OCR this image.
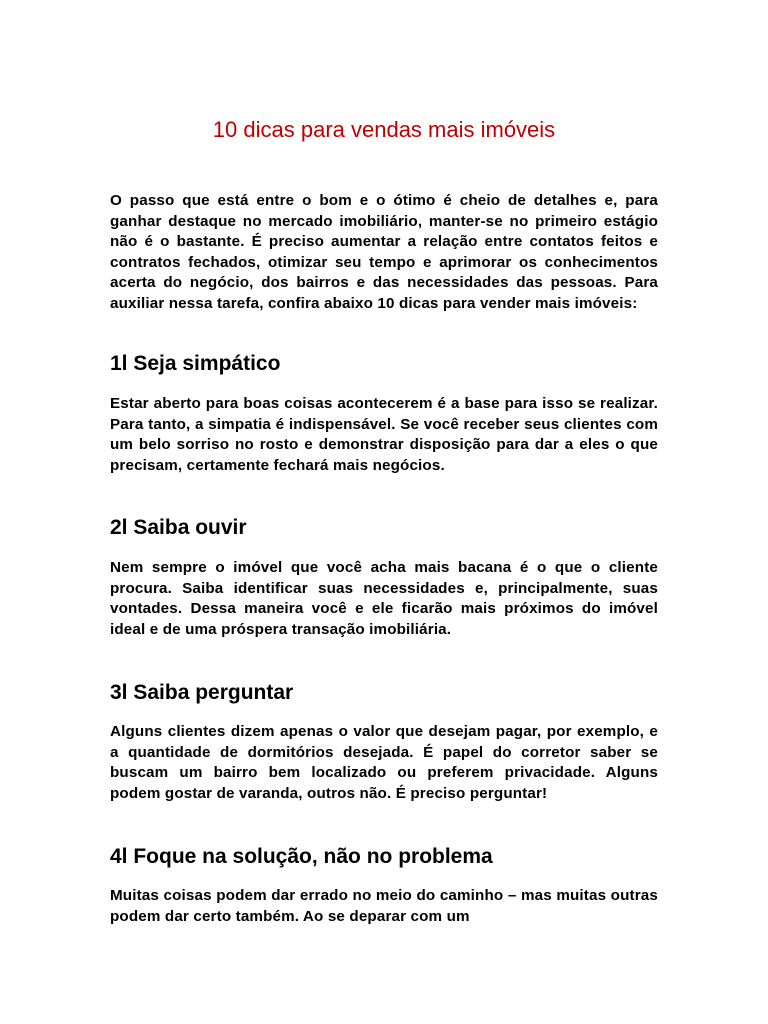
10 dicas para vendas mais imóveis

O passo que está entre o bom e o ótimo é cheio de detalhes e, para ganhar destaque no mercado imobiliário, manter-se no primeiro estágio não é o bastante. É preciso aumentar a relação entre contatos feitos e contratos fechados, otimizar seu tempo e aprimorar os conhecimentos acerta do negócio, dos bairros e das necessidades das pessoas. Para auxiliar nessa tarefa, confira abaixo 10 dicas para vender mais imóveis:

1l Seja simpático

Estar aberto para boas coisas acontecerem é a base para isso se realizar. Para tanto, a simpatia é indispensável. Se você receber seus clientes com um belo sorriso no rosto e demonstrar disposição para dar a eles o que precisam, certamente fechará mais negócios.

2l Saiba ouvir

Nem sempre o imóvel que você acha mais bacana é o que o cliente procura. Saiba identificar suas necessidades e, principalmente, suas vontades. Dessa maneira você e ele ficarão mais próximos do imóvel ideal e de uma próspera transação imobiliária.

3l Saiba perguntar

Alguns clientes dizem apenas o valor que desejam pagar, por exemplo, e a quantidade de dormitórios desejada. É papel do corretor saber se buscam um bairro bem localizado ou preferem privacidade. Alguns podem gostar de varanda, outros não. É preciso perguntar!

4l Foque na solução, não no problema

Muitas coisas podem dar errado no meio do caminho – mas muitas outras podem dar certo também. Ao se deparar com um
